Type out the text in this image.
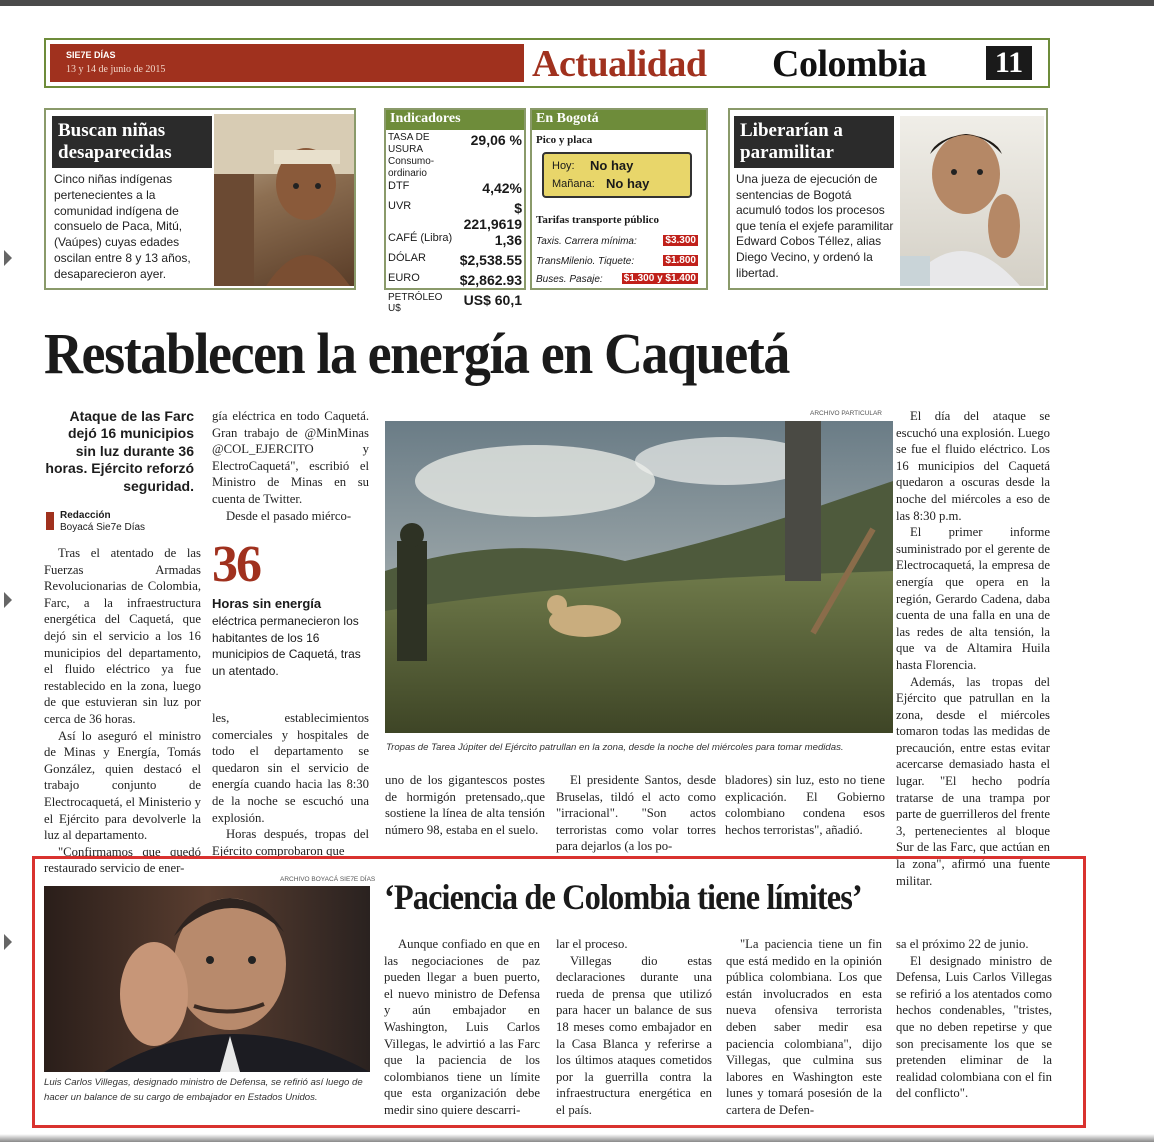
SIE7E DÍAS
13 y 14 de junio de 2015	Actualidad Colombia 11
Buscan niñas desaparecidas
Cinco niñas indígenas pertenecientes a la comunidad indígena de consuelo de Paca, Mitú, (Vaúpes) cuyas edades oscilan entre 8 y 13 años, desaparecieron ayer.
Indicadores
TASA DE USURA Consumo-ordinario	29,06 %
DTF	4,42%
UVR	$ 221,9619
CAFÉ (Libra)	1,36
DÓLAR	$2,538.55
EURO	$2,862.93
PETRÓLEO U$	US$ 60,1
En Bogotá
Pico y placa
Hoy: No hay
Mañana: No hay
Tarifas transporte público
Taxis. Carrera mínima:	$3.300
TransMilenio. Tiquete:	$1.800
Buses. Pasaje: $1.300 y $1.400
Liberarían a paramilitar
Una jueza de ejecución de sentencias de Bogotá acumuló todos los procesos que tenía el exjefe paramilitar Edward Cobos Téllez, alias Diego Vecino, y ordenó la libertad.
Restablecen la energía en Caquetá
Ataque de las Farc dejó 16 municipios sin luz durante 36 horas. Ejército reforzó seguridad.
Redacción
Boyacá Sie7e Días

Tras el atentado de las Fuerzas Armadas Revolucionarias de Colombia, Farc, a la infraestructura energética del Caquetá, que dejó sin el servicio a los 16 municipios del departamento, el fluido eléctrico ya fue restablecido en la zona, luego de que estuvieran sin luz por cerca de 36 horas.

Así lo aseguró el ministro de Minas y Energía, Tomás González, quien destacó el trabajo conjunto de Electrocaquetá, el Ministerio y el Ejército para devolverle la luz al departamento.

"Confirmamos que quedó restaurado servicio de ener-

gía eléctrica en todo Caquetá. Gran trabajo de @MinMinas @COL_EJERCITO y ElectroCaquetá", escribió el Ministro de Minas en su cuenta de Twitter.

Desde el pasado miérco-

36
Horas sin energía
eléctrica permanecieron los habitantes de los 16 municipios de Caquetá, tras un atentado.

les, establecimientos comerciales y hospitales de todo el departamento se quedaron sin el servicio de energía cuando hacia las 8:30 de la noche se escuchó una explosión.

Horas después, tropas del Ejército comprobaron que

ARCHIVO PARTICULAR
Tropas de Tarea Júpiter del Ejército patrullan en la zona, desde la noche del miércoles para tomar medidas.

uno de los gigantescos postes de hormigón pretensado,.que sostiene la línea de alta tensión número 98, estaba en el suelo.

El presidente Santos, desde Bruselas, tildó el acto como "irracional". "Son actos terroristas como volar torres para dejarlos (a los po-

bladores) sin luz, esto no tiene explicación. El Gobierno colombiano condena esos hechos terroristas", añadió.

El día del ataque se escuchó una explosión. Luego se fue el fluido eléctrico. Los 16 municipios del Caquetá quedaron a oscuras desde la noche del miércoles a eso de las 8:30 p.m.

El primer informe suministrado por el gerente de Electrocaquetá, la empresa de energía que opera en la región, Gerardo Cadena, daba cuenta de una falla en una de las redes de alta tensión, la que va de Altamira Huila hasta Florencia.

Además, las tropas del Ejército que patrullan en la zona, desde el miércoles tomaron todas las medidas de precaución, entre estas evitar acercarse demasiado hasta el lugar. "El hecho podría tratarse de una trampa por parte de guerrilleros del frente 3, pertenecientes al bloque Sur de las Farc, que actúan en la zona", afirmó una fuente militar.

ARCHIVO BOYACÁ SIE7E DÍAS
Luis Carlos Villegas, designado ministro de Defensa, se refirió así luego de hacer un balance de su cargo de embajador en Estados Unidos.
‘Paciencia de Colombia tiene límites’

Aunque confiado en que en las negociaciones de paz pueden llegar a buen puerto, el nuevo ministro de Defensa y aún embajador en Washington, Luis Carlos Villegas, le advirtió a las Farc que la paciencia de los colombianos tiene un límite que esta organización debe medir sino quiere descarri-

lar el proceso.

Villegas dio estas declaraciones durante una rueda de prensa que utilizó para hacer un balance de sus 18 meses como embajador en la Casa Blanca y referirse a los últimos ataques cometidos por la guerrilla contra la infraestructura energética en el país.

"La paciencia tiene un fin que está medido en la opinión pública colombiana. Los que están involucrados en esta nueva ofensiva terrorista deben saber medir esa paciencia colombiana", dijo Villegas, que culmina sus labores en Washington este lunes y tomará posesión de la cartera de Defen-

sa el próximo 22 de junio.

El designado ministro de Defensa, Luis Carlos Villegas se refirió a los atentados como hechos condenables, "tristes, que no deben repetirse y que son precisamente los que se pretenden eliminar de la realidad colombiana con el fin del conflicto".
